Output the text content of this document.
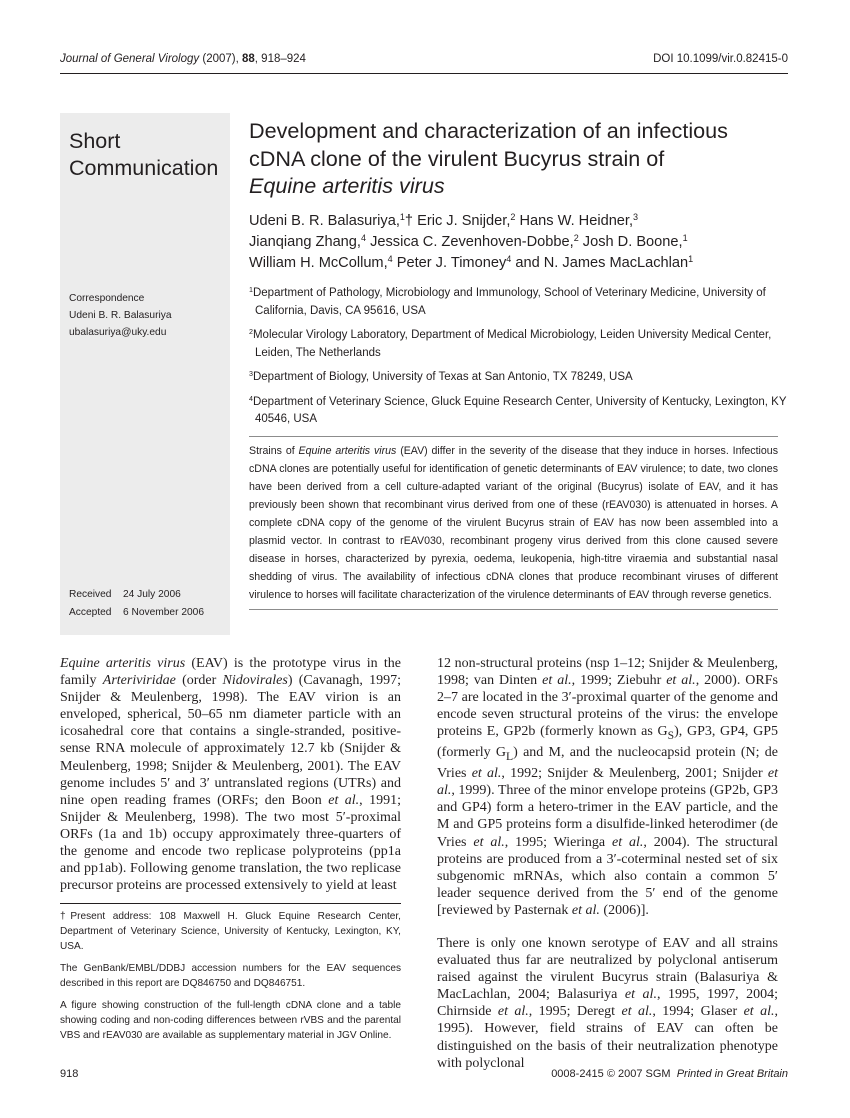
Journal of General Virology (2007), 88, 918–924	DOI 10.1099/vir.0.82415-0
Short
Communication
Correspondence
Udeni B. R. Balasuriya
ubalasuriya@uky.edu
Received 24 July 2006
Accepted 6 November 2006
Development and characterization of an infectious cDNA clone of the virulent Bucyrus strain of
Equine arteritis virus
Udeni B. R. Balasuriya,$^1$† Eric J. Snijder,$^2$ Hans W. Heidner,$^3$
Jianqiang Zhang,$^4$ Jessica C. Zevenhoven-Dobbe,$^2$ Josh D. Boone,$^1$
William H. McCollum,$^4$ Peter J. Timoney$^4$ and N. James MacLachlan$^1$
$^1$Department of Pathology, Microbiology and Immunology, School of Veterinary Medicine, University of California, Davis, CA 95616, USA
$^2$Molecular Virology Laboratory, Department of Medical Microbiology, Leiden University Medical Center, Leiden, The Netherlands
$^3$Department of Biology, University of Texas at San Antonio, TX 78249, USA
$^4$Department of Veterinary Science, Gluck Equine Research Center, University of Kentucky, Lexington, KY 40546, USA
Strains of Equine arteritis virus (EAV) differ in the severity of the disease that they induce in horses. Infectious cDNA clones are potentially useful for identification of genetic determinants of EAV virulence; to date, two clones have been derived from a cell culture-adapted variant of the original (Bucyrus) isolate of EAV, and it has previously been shown that recombinant virus derived from one of these (rEAV030) is attenuated in horses. A complete cDNA copy of the genome of the virulent Bucyrus strain of EAV has now been assembled into a plasmid vector. In contrast to rEAV030, recombinant progeny virus derived from this clone caused severe disease in horses, characterized by pyrexia, oedema, leukopenia, high-titre viraemia and substantial nasal shedding of virus. The availability of infectious cDNA clones that produce recombinant viruses of different virulence to horses will facilitate characterization of the virulence determinants of EAV through reverse genetics.

Equine arteritis virus (EAV) is the prototype virus in the family Arteriviridae (order Nidovirales) (Cavanagh, 1997; Snijder & Meulenberg, 1998). The EAV virion is an enveloped, spherical, 50–65 nm diameter particle with an icosahedral core that contains a single-stranded, positive-sense RNA molecule of approximately 12.7 kb (Snijder & Meulenberg, 1998; Snijder & Meulenberg, 2001). The EAV genome includes 5′ and 3′ untranslated regions (UTRs) and nine open reading frames (ORFs; den Boon et al., 1991; Snijder & Meulenberg, 1998). The two most 5′-proximal ORFs (1a and 1b) occupy approximately three-quarters of the genome and encode two replicase polyproteins (pp1a and pp1ab). Following genome translation, the two replicase precursor proteins are processed extensively to yield at least

†Present address: 108 Maxwell H. Gluck Equine Research Center, Department of Veterinary Science, University of Kentucky, Lexington, KY, USA.

The GenBank/EMBL/DDBJ accession numbers for the EAV sequences described in this report are DQ846750 and DQ846751.

A figure showing construction of the full-length cDNA clone and a table showing coding and non-coding differences between rVBS and the parental VBS and rEAV030 are available as supplementary material in JGV Online.

12 non-structural proteins (nsp 1–12; Snijder & Meulenberg, 1998; van Dinten et al., 1999; Ziebuhr et al., 2000). ORFs 2–7 are located in the 3′-proximal quarter of the genome and encode seven structural proteins of the virus: the envelope proteins E, GP2b (formerly known as $G_S$), GP3, GP4, GP5 (formerly $G_L$) and M, and the nucleocapsid protein (N; de Vries et al., 1992; Snijder & Meulenberg, 2001; Snijder et al., 1999). Three of the minor envelope proteins (GP2b, GP3 and GP4) form a hetero-trimer in the EAV particle, and the M and GP5 proteins form a disulfide-linked heterodimer (de Vries et al., 1995; Wieringa et al., 2004). The structural proteins are produced from a 3′-coterminal nested set of six subgenomic mRNAs, which also contain a common 5′ leader sequence derived from the 5′ end of the genome [reviewed by Pasternak et al. (2006)].

There is only one known serotype of EAV and all strains evaluated thus far are neutralized by polyclonal antiserum raised against the virulent Bucyrus strain (Balasuriya & MacLachlan, 2004; Balasuriya et al., 1995, 1997, 2004; Chirnside et al., 1995; Deregt et al., 1994; Glaser et al., 1995). However, field strains of EAV can often be distinguished on the basis of their neutralization phenotype with polyclonal

918	0008-2415 © 2007 SGM Printed in Great Britain
